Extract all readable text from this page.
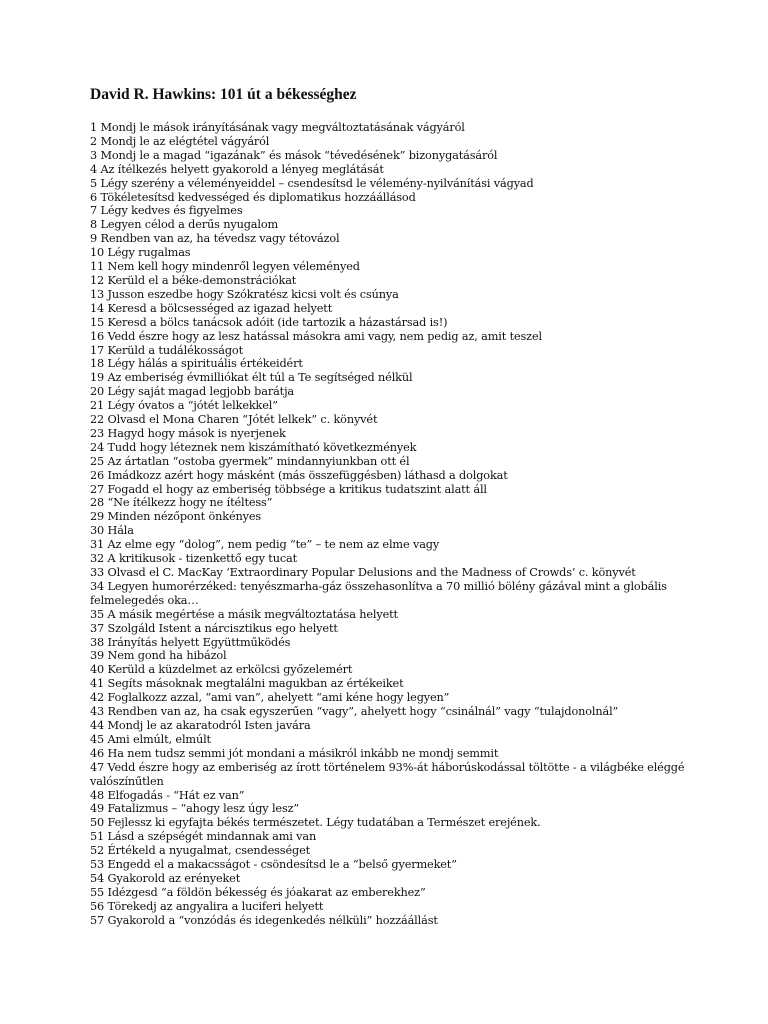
David R. Hawkins: 101 út a békességhez
1 Mondj le mások irányításának vagy megváltoztatásának vágyáról
2 Mondj le az elégtétel vágyáról
3 Mondj le a magad “igazának” és mások “tévedésének” bizonygatásáról
4 Az ítélkezés helyett gyakorold a lényeg meglátását
5 Légy szerény a véleményeiddel – csendesítsd le vélemény-nyilvánítási vágyad
6 Tökéletesítsd kedvességed és diplomatikus hozzáállásod
7 Légy kedves és figyelmes
8 Legyen célod a derűs nyugalom
9 Rendben van az, ha tévedsz vagy tétovázol
10 Légy rugalmas
11 Nem kell hogy mindenről legyen véleményed
12 Kerüld el a béke-demonstrációkat
13 Jusson eszedbe hogy Szókratész kicsi volt és csúnya
14 Keresd a bölcsességed az igazad helyett
15 Keresd a bölcs tanácsok adóit (ide tartozik a házastársad is!)
16 Vedd észre hogy az lesz hatással másokra ami vagy, nem pedig az, amit teszel
17 Kerüld a tudálékosságot
18 Légy hálás a spirituális értékeidért
19 Az emberiség évmilliókat élt túl a Te segítséged nélkül
20 Légy saját magad legjobb barátja
21 Légy óvatos a “jótét lelkekkel”
22 Olvasd el Mona Charen “Jótét lelkek” c. könyvét
23 Hagyd hogy mások is nyerjenek
24 Tudd hogy léteznek nem kiszámítható következmények
25 Az ártatlan “ostoba gyermek” mindannyiunkban ott él
26 Imádkozz azért hogy másként (más összefüggésben) láthasd a dolgokat
27 Fogadd el hogy az emberiség többsége a kritikus tudatszint alatt áll
28 “Ne ítélkezz hogy ne ítéltess”
29 Minden nézőpont önkényes
30 Hála
31 Az elme egy “dolog”, nem pedig “te” – te nem az elme vagy
32 A kritikusok - tizenkettő egy tucat
33 Olvasd el C. MacKay ‘Extraordinary Popular Delusions and the Madness of Crowds’ c. könyvét
34 Legyen humorérzéked: tenyészmarha-gáz összehasonlítva a 70 millió bölény gázával mint a globális felmelegedés oka…
35 A másik megértése a másik megváltoztatása helyett
37 Szolgáld Istent a nárcisztikus ego helyett
38 Irányítás helyett Együttműködés
39 Nem gond ha hibázol
40 Kerüld a küzdelmet az erkölcsi győzelemért
41 Segíts másoknak megtalálni magukban az értékeiket
42 Foglalkozz azzal, “ami van”, ahelyett “ami kéne hogy legyen”
43 Rendben van az, ha csak egyszerűen “vagy”, ahelyett hogy “csinálnál” vagy “tulajdonolnál”
44 Mondj le az akaratodról Isten javára
45 Ami elmúlt, elmúlt
46 Ha nem tudsz semmi jót mondani a másikról inkább ne mondj semmit
47 Vedd észre hogy az emberiség az írott történelem 93%-át háborúskodással töltötte - a világbéke eléggé valószínűtlen
48 Elfogadás - “Hát ez van”
49 Fatalizmus – “ahogy lesz úgy lesz”
50 Fejlessz ki egyfajta békés természetet. Légy tudatában a Természet erejének.
51 Lásd a szépségét mindannak ami van
52 Értékeld a nyugalmat, csendességet
53 Engedd el a makacsságot - csöndesítsd le a “belső gyermeket”
54 Gyakorold az erényeket
55 Idézgesd “a földön békesség és jóakarat az emberekhez”
56 Törekedj az angyalira a luciferi helyett
57 Gyakorold a “vonzódás és idegenkedés nélküli” hozzáállást
